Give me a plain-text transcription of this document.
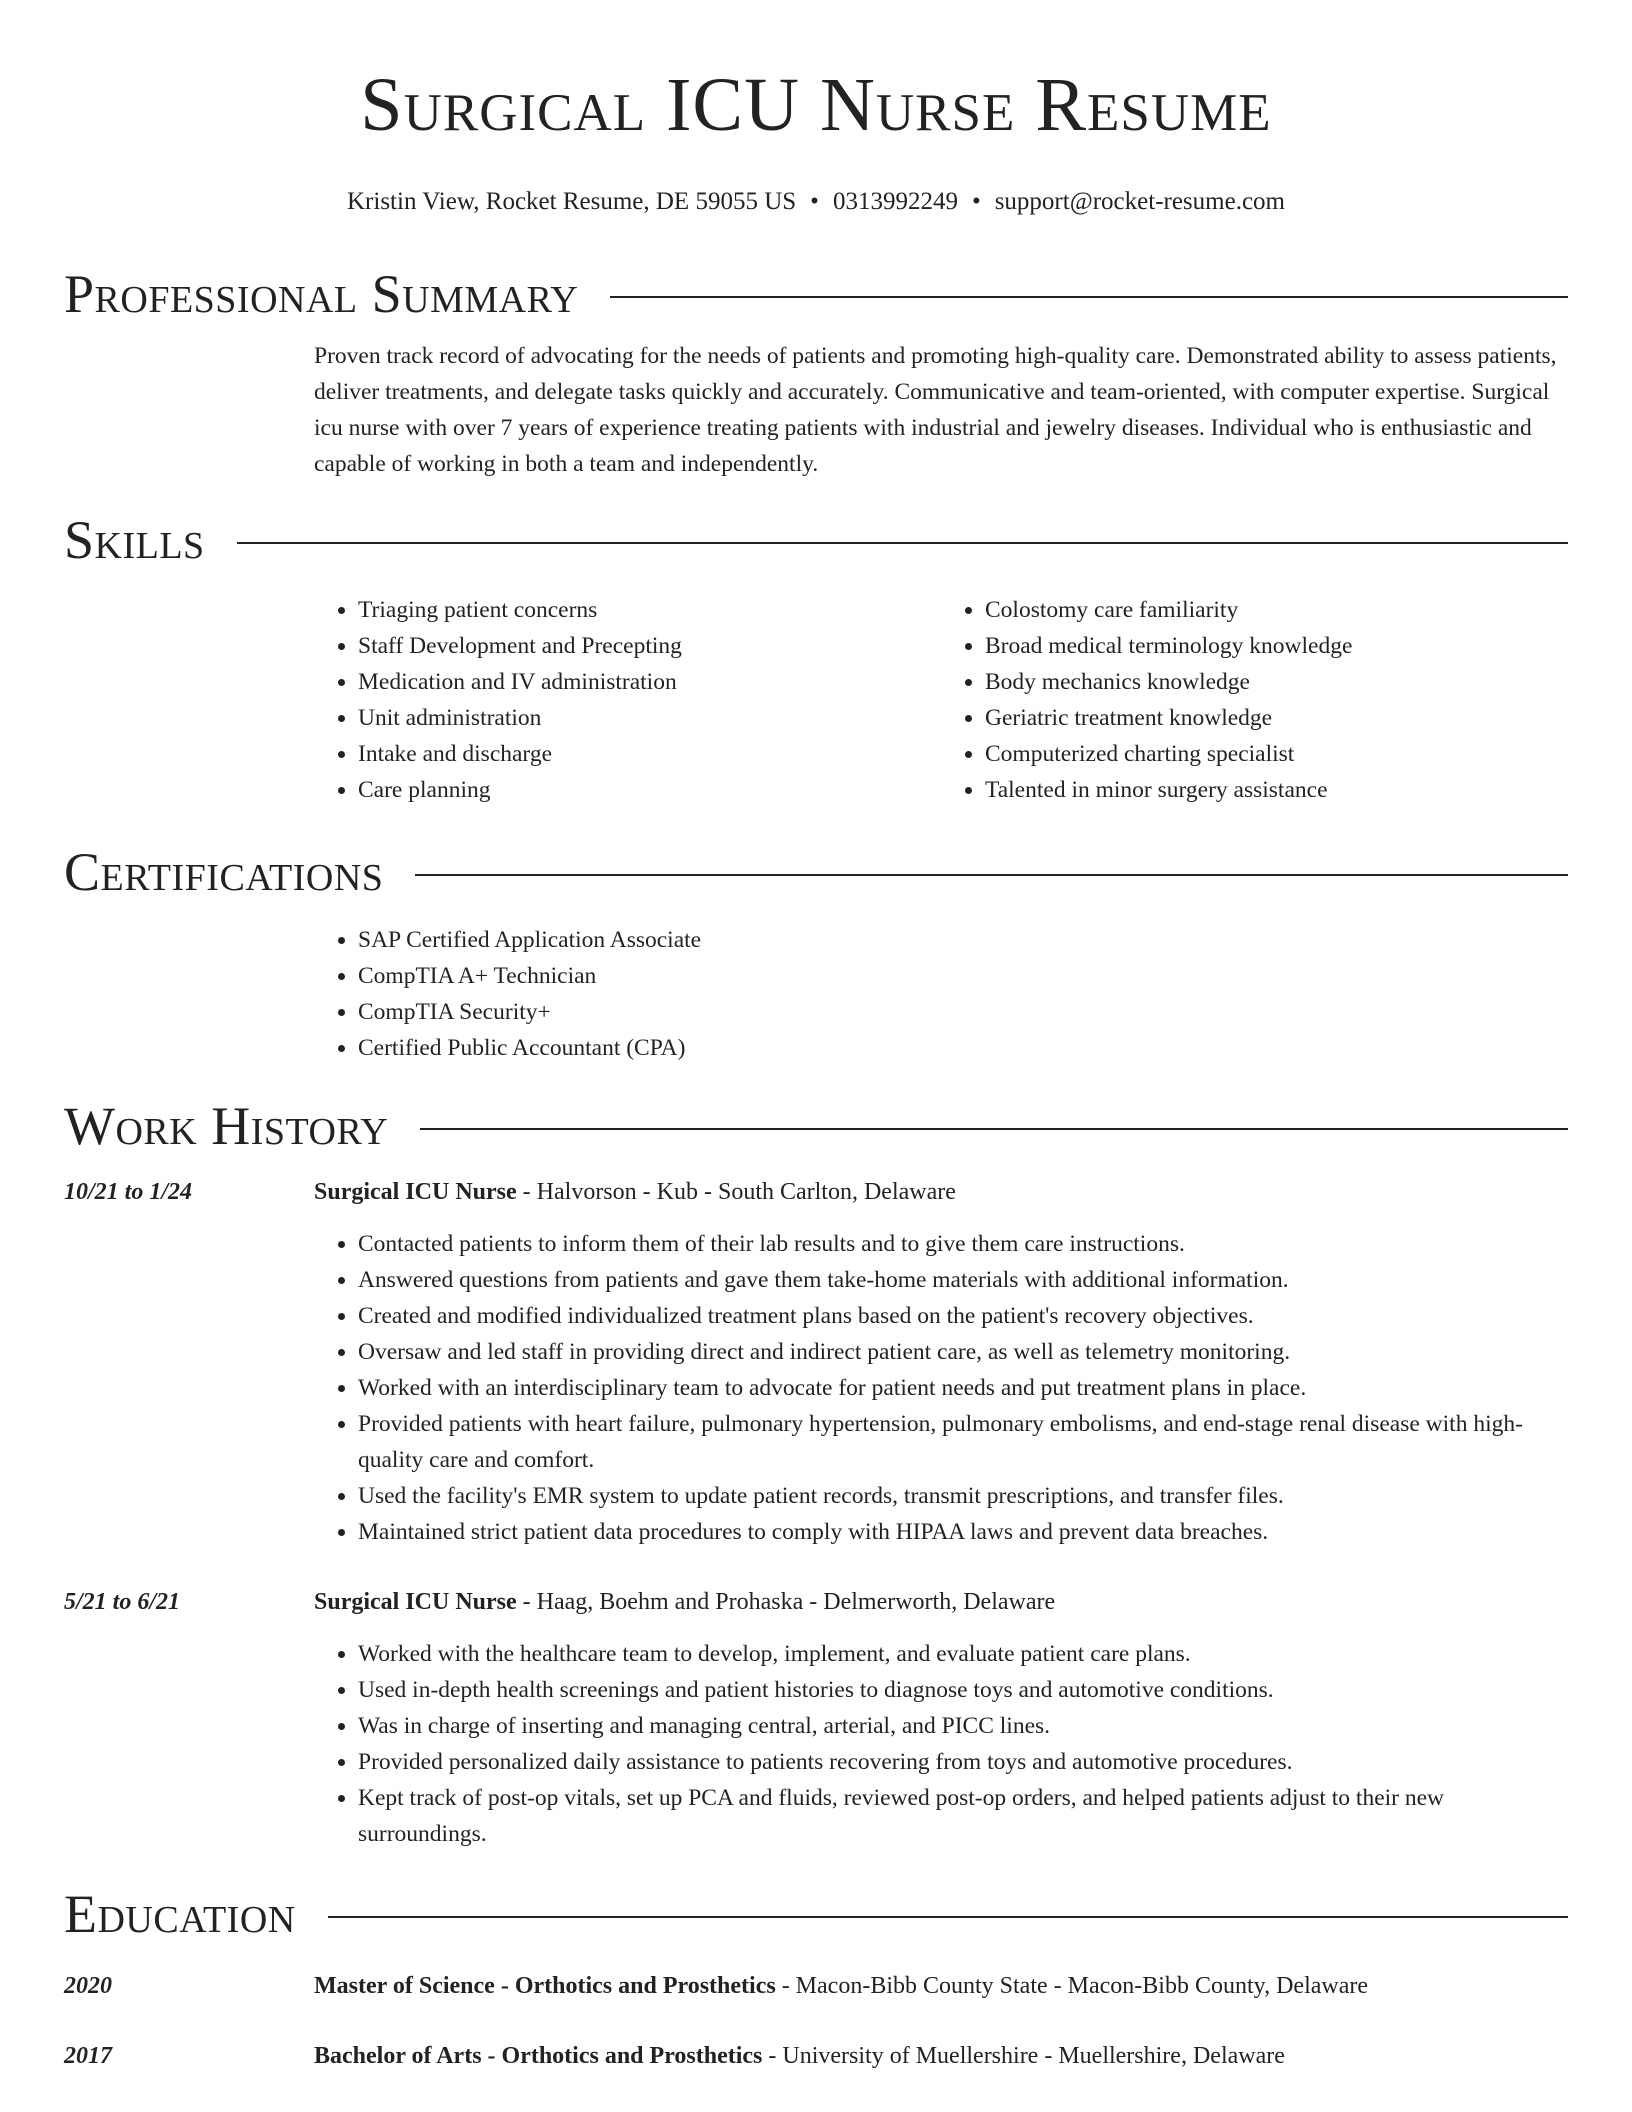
Surgical ICU Nurse Resume
Kristin View, Rocket Resume, DE 59055 US • 0313992249 • support@rocket-resume.com
Professional Summary
Proven track record of advocating for the needs of patients and promoting high-quality care. Demonstrated ability to assess patients, deliver treatments, and delegate tasks quickly and accurately. Communicative and team-oriented, with computer expertise. Surgical icu nurse with over 7 years of experience treating patients with industrial and jewelry diseases. Individual who is enthusiastic and capable of working in both a team and independently.
Skills
• Triaging patient concerns
• Staff Development and Precepting
• Medication and IV administration
• Unit administration
• Intake and discharge
• Care planning
• Colostomy care familiarity
• Broad medical terminology knowledge
• Body mechanics knowledge
• Geriatric treatment knowledge
• Computerized charting specialist
• Talented in minor surgery assistance
Certifications
• SAP Certified Application Associate
• CompTIA A+ Technician
• CompTIA Security+
• Certified Public Accountant (CPA)
Work History
10/21 to 1/24	Surgical ICU Nurse - Halvorson - Kub - South Carlton, Delaware
• Contacted patients to inform them of their lab results and to give them care instructions.
• Answered questions from patients and gave them take-home materials with additional information.
• Created and modified individualized treatment plans based on the patient's recovery objectives.
• Oversaw and led staff in providing direct and indirect patient care, as well as telemetry monitoring.
• Worked with an interdisciplinary team to advocate for patient needs and put treatment plans in place.
• Provided patients with heart failure, pulmonary hypertension, pulmonary embolisms, and end-stage renal disease with high-quality care and comfort.
• Used the facility's EMR system to update patient records, transmit prescriptions, and transfer files.
• Maintained strict patient data procedures to comply with HIPAA laws and prevent data breaches.
5/21 to 6/21	Surgical ICU Nurse - Haag, Boehm and Prohaska - Delmerworth, Delaware
• Worked with the healthcare team to develop, implement, and evaluate patient care plans.
• Used in-depth health screenings and patient histories to diagnose toys and automotive conditions.
• Was in charge of inserting and managing central, arterial, and PICC lines.
• Provided personalized daily assistance to patients recovering from toys and automotive procedures.
• Kept track of post-op vitals, set up PCA and fluids, reviewed post-op orders, and helped patients adjust to their new surroundings.
Education
2020	Master of Science - Orthotics and Prosthetics - Macon-Bibb County State - Macon-Bibb County, Delaware
2017	Bachelor of Arts - Orthotics and Prosthetics - University of Muellershire - Muellershire, Delaware
